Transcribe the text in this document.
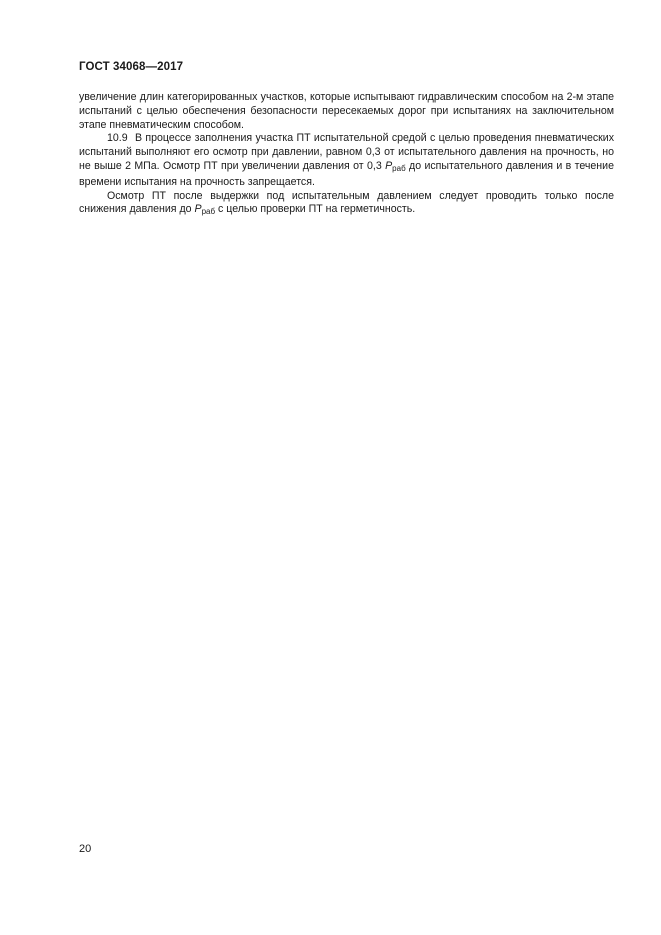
ГОСТ 34068—2017

увеличение длин категорированных участков, которые испытывают гидравлическим способом на 2-м этапе испытаний с целью обеспечения безопасности пересекаемых дорог при испытаниях на заключительном этапе пневматическим способом.

10.9 В процессе заполнения участка ПТ испытательной средой с целью проведения пневматических испытаний выполняют его осмотр при давлении, равном 0,3 от испытательного давления на прочность, но не выше 2 МПа. Осмотр ПТ при увеличении давления от 0,3 Pраб до испытательного давления и в течение времени испытания на прочность запрещается.

Осмотр ПТ после выдержки под испытательным давлением следует проводить только после снижения давления до Pраб с целью проверки ПТ на герметичность.

20
